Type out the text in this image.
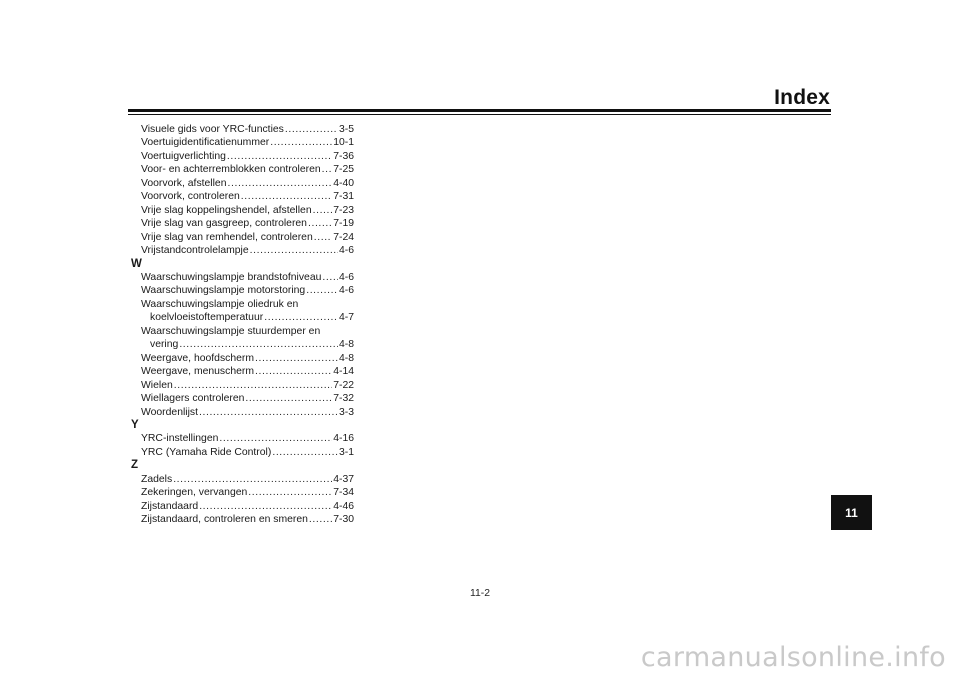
Index
Visuele gids voor YRC-functies .....	3-5
Voertuigidentificatienummer .....	10-1
Voertuigverlichting .....	7-36
Voor- en achterremblokken controleren ..... 7-25
Voorvork, afstellen .....	4-40
Voorvork, controleren .....	7-31
Vrije slag koppelingshendel, afstellen ..... 7-23
Vrije slag van gasgreep, controleren .....	7-19
Vrije slag van remhendel, controleren ..... 7-24
Vrijstandcontrolelampje .....	4-6
W
Waarschuwingslampje brandstofniveau ..... 4-6
Waarschuwingslampje motorstoring .....	4-6
Waarschuwingslampje oliedruk en
koelvloeistoftemperatuur .....	4-7
Waarschuwingslampje stuurdemper en
vering .....	4-8
Weergave, hoofdscherm .....	4-8
Weergave, menuscherm .....	4-14
Wielen .....	7-22
Wiellagers controleren .....	7-32
Woordenlijst .....	3-3
Y
YRC-instellingen .....	4-16
YRC (Yamaha Ride Control) .....	3-1
Z
Zadels .....	4-37
Zekeringen, vervangen .....	7-34
Zijstandaard .....	4-46
Zijstandaard, controleren en smeren ..... 7-30
11-2
11
carmanualsonline.info
